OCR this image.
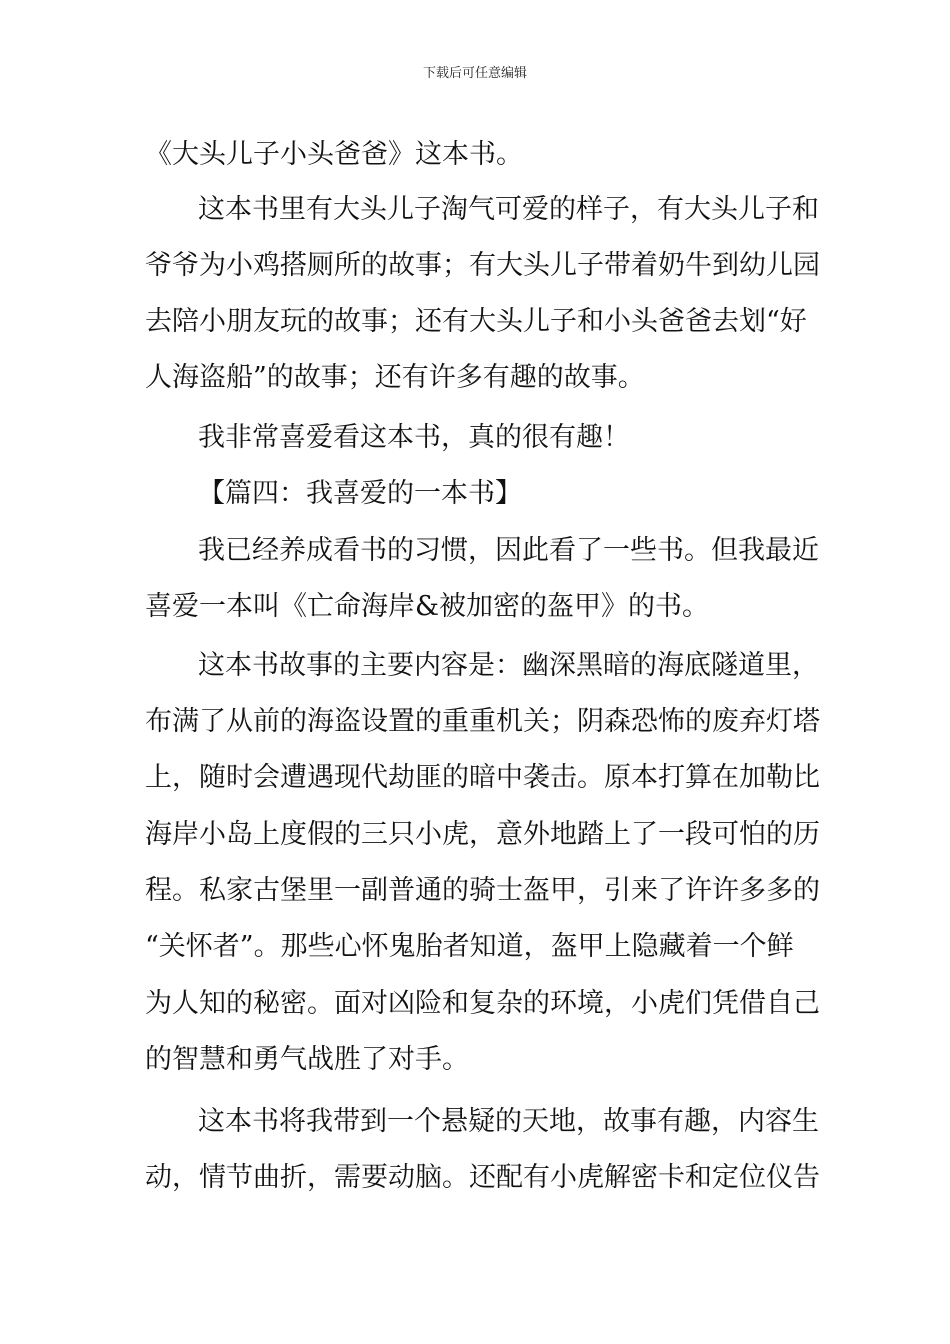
下载后可任意编辑
《大头儿子小头爸爸》这本书。
这本书里有大头儿子淘气可爱的样子，有大头儿子和
爷爷为小鸡搭厕所的故事；有大头儿子带着奶牛到幼儿园
去陪小朋友玩的故事；还有大头儿子和小头爸爸去划“好
人海盗船”的故事；还有许多有趣的故事。
我非常喜爱看这本书，真的很有趣！
【篇四：我喜爱的一本书】
我已经养成看书的习惯，因此看了一些书。但我最近
喜爱一本叫《亡命海岸&被加密的盔甲》的书。
这本书故事的主要内容是：幽深黑暗的海底隧道里，
布满了从前的海盗设置的重重机关；阴森恐怖的废弃灯塔
上，随时会遭遇现代劫匪的暗中袭击。原本打算在加勒比
海岸小岛上度假的三只小虎，意外地踏上了一段可怕的历
程。私家古堡里一副普通的骑士盔甲，引来了许许多多的
“关怀者”。那些心怀鬼胎者知道，盔甲上隐藏着一个鲜
为人知的秘密。面对凶险和复杂的环境，小虎们凭借自己
的智慧和勇气战胜了对手。
这本书将我带到一个悬疑的天地，故事有趣，内容生
动，情节曲折，需要动脑。还配有小虎解密卡和定位仪告
